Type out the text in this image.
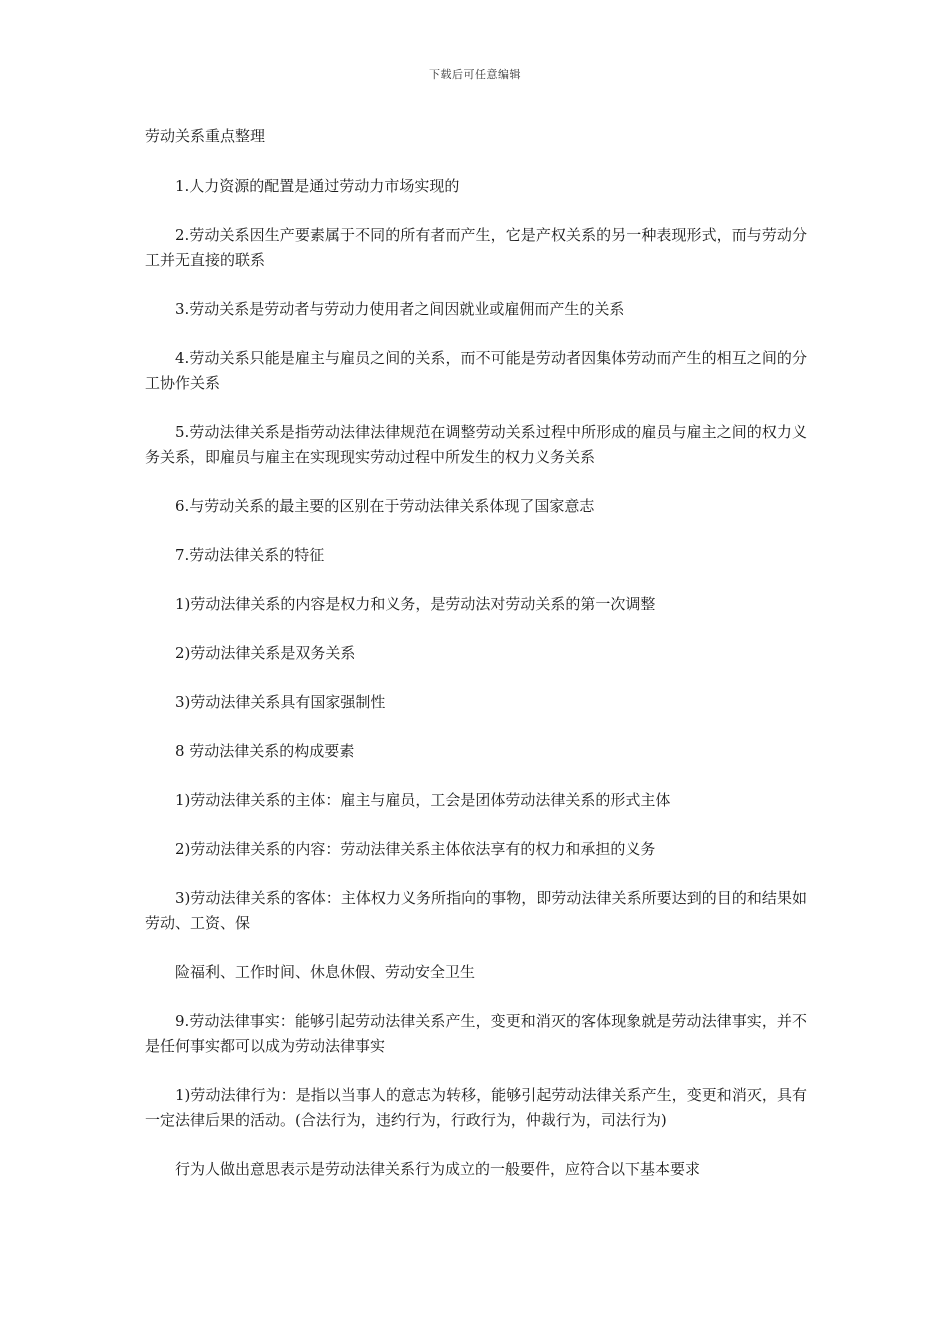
下载后可任意编辑
劳动关系重点整理
1.人力资源的配置是通过劳动力市场实现的
2.劳动关系因生产要素属于不同的所有者而产生，它是产权关系的另一种表现形式，而与劳动分工并无直接的联系
3.劳动关系是劳动者与劳动力使用者之间因就业或雇佣而产生的关系
4.劳动关系只能是雇主与雇员之间的关系，而不可能是劳动者因集体劳动而产生的相互之间的分工协作关系
5.劳动法律关系是指劳动法律法律规范在调整劳动关系过程中所形成的雇员与雇主之间的权力义务关系，即雇员与雇主在实现现实劳动过程中所发生的权力义务关系
6.与劳动关系的最主要的区别在于劳动法律关系体现了国家意志
7.劳动法律关系的特征
1)劳动法律关系的内容是权力和义务，是劳动法对劳动关系的第一次调整
2)劳动法律关系是双务关系
3)劳动法律关系具有国家强制性
8 劳动法律关系的构成要素
1)劳动法律关系的主体：雇主与雇员，工会是团体劳动法律关系的形式主体
2)劳动法律关系的内容：劳动法律关系主体依法享有的权力和承担的义务
3)劳动法律关系的客体：主体权力义务所指向的事物，即劳动法律关系所要达到的目的和结果如劳动、工资、保
险福利、工作时间、休息休假、劳动安全卫生
9.劳动法律事实：能够引起劳动法律关系产生，变更和消灭的客体现象就是劳动法律事实，并不是任何事实都可以成为劳动法律事实
1)劳动法律行为：是指以当事人的意志为转移，能够引起劳动法律关系产生，变更和消灭，具有一定法律后果的活动。(合法行为，违约行为，行政行为，仲裁行为，司法行为)
行为人做出意思表示是劳动法律关系行为成立的一般要件，应符合以下基本要求
